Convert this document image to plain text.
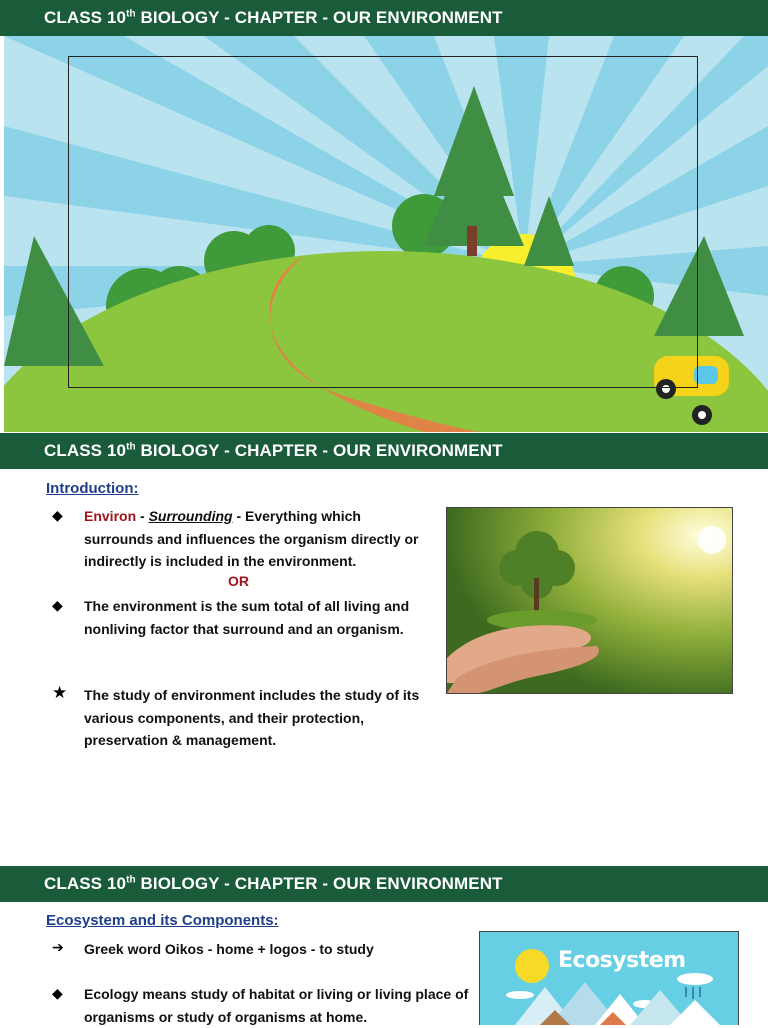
CLASS 10th BIOLOGY - CHAPTER - OUR ENVIRONMENT
CLASS 10th BIOLOGY - CHAPTER - OUR ENVIRONMENT
Introduction:
◆ Environ - Surrounding - Everything which surrounds and influences the organism directly or indirectly is included in the environment.
OR
◆ The environment is the sum total of all living and nonliving factor that surround and an organism.
★ The study of environment includes the study of its various components, and their protection, preservation & management.
CLASS 10th BIOLOGY - CHAPTER - OUR ENVIRONMENT
Ecosystem and its Components:
➔ Greek word Oikos - home + logos - to study
◆ Ecology means study of habitat or living or living place of organisms or study of organisms at home.
Ecosystem
